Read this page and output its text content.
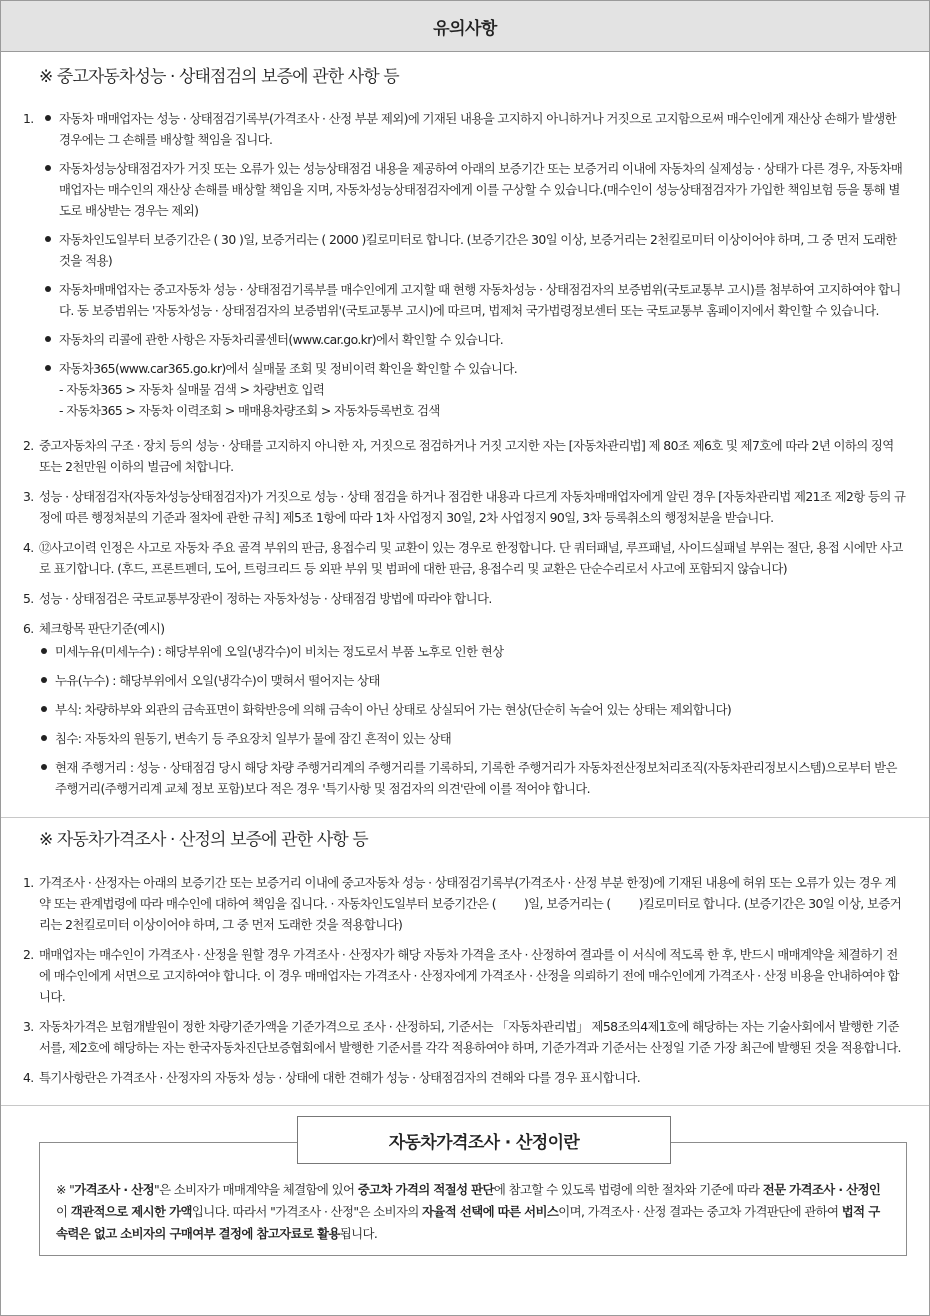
유의사항
※ 중고자동차성능 · 상태점검의 보증에 관한 사항 등
1.	자동차 매매업자는 성능 · 상태점검기록부(가격조사 · 산정 부분 제외)에 기재된 내용을 고지하지 아니하거나 거짓으로 고지함으로써 매수인에게 재산상 손해가 발생한 경우에는 그 손해를 배상할 책임을 집니다.
자동차성능상태점검자가 거짓 또는 오류가 있는 성능상태점검 내용을 제공하여 아래의 보증기간 또는 보증거리 이내에 자동차의 실제성능 · 상태가 다른 경우, 자동차매매업자는 매수인의 재산상 손해를 배상할 책임을 지며, 자동차성능상태점검자에게 이를 구상할 수 있습니다.(매수인이 성능상태점검자가 가입한 책임보험 등을 통해 별도로 배상받는 경우는 제외)
자동차인도일부터 보증기간은 ( 30 )일, 보증거리는 ( 2000 )킬로미터로 합니다. (보증기간은 30일 이상, 보증거리는 2천킬로미터 이상이어야 하며, 그 중 먼저 도래한 것을 적용)
자동차매매업자는 중고자동차 성능 · 상태점검기록부를 매수인에게 고지할 때 현행 자동차성능 · 상태점검자의 보증범위(국토교통부 고시)를 첨부하여 고지하여야 합니다. 동 보증범위는 '자동차성능 · 상태점검자의 보증범위'(국토교통부 고시)에 따르며, 법제처 국가법령정보센터 또는 국토교통부 홈페이지에서 확인할 수 있습니다.
자동차의 리콜에 관한 사항은 자동차리콜센터(www.car.go.kr)에서 확인할 수 있습니다.
자동차365(www.car365.go.kr)에서 실매물 조회 및 정비이력 확인을 확인할 수 있습니다.
- 자동차365 > 자동차 실매물 검색 > 차량번호 입력
- 자동차365 > 자동차 이력조회 > 매매용차량조회 > 자동차등록번호 검색
2. 중고자동차의 구조 · 장치 등의 성능 · 상태를 고지하지 아니한 자, 거짓으로 점검하거나 거짓 고지한 자는 [자동차관리법] 제 80조 제6호 및 제7호에 따라 2년 이하의 징역 또는 2천만원 이하의 벌금에 처합니다.
3. 성능 · 상태점검자(자동차성능상태점검자)가 거짓으로 성능 · 상태 점검을 하거나 점검한 내용과 다르게 자동차매매업자에게 알린 경우 [자동차관리법 제21조 제2항 등의 규정에 따른 행정처분의 기준과 절차에 관한 규칙] 제5조 1항에 따라 1차 사업정지 30일, 2차 사업정지 90일, 3차 등록취소의 행정처분을 받습니다.
4. ⑫사고이력 인정은 사고로 자동차 주요 골격 부위의 판금, 용접수리 및 교환이 있는 경우로 한정합니다. 단 쿼터패널, 루프패널, 사이드실패널 부위는 절단, 용접 시에만 사고로 표기합니다. (후드, 프론트펜더, 도어, 트렁크리드 등 외판 부위 및 범퍼에 대한 판금, 용접수리 및 교환은 단순수리로서 사고에 포함되지 않습니다)
5. 성능 · 상태점검은 국토교통부장관이 정하는 자동차성능 · 상태점검 방법에 따라야 합니다.
6. 체크항목 판단기준(예시)
미세누유(미세누수) : 해당부위에 오일(냉각수)이 비치는 정도로서 부품 노후로 인한 현상
누유(누수) : 해당부위에서 오일(냉각수)이 맺혀서 떨어지는 상태
부식: 차량하부와 외관의 금속표면이 화학반응에 의해 금속이 아닌 상태로 상실되어 가는 현상(단순히 녹슬어 있는 상태는 제외합니다)
침수: 자동차의 원동기, 변속기 등 주요장치 일부가 물에 잠긴 흔적이 있는 상태
현재 주행거리 : 성능 · 상태점검 당시 해당 차량 주행거리계의 주행거리를 기록하되, 기록한 주행거리가 자동차전산정보처리조직(자동차관리정보시스템)으로부터 받은 주행거리(주행거리계 교체 정보 포함)보다 적은 경우 '특기사항 및 점검자의 의견'란에 이를 적어야 합니다.
※ 자동차가격조사 · 산정의 보증에 관한 사항 등
1. 가격조사 · 산정자는 아래의 보증기간 또는 보증거리 이내에 중고자동차 성능 · 상태점검기록부(가격조사 · 산정 부분 한정)에 기재된 내용에 허위 또는 오류가 있는 경우 계약 또는 관계법령에 따라 매수인에 대하여 책임을 집니다. · 자동차인도일부터 보증기간은 ( )일, 보증거리는 ( )킬로미터로 합니다. (보증기간은 30일 이상, 보증거리는 2천킬로미터 이상이어야 하며, 그 중 먼저 도래한 것을 적용합니다)
2. 매매업자는 매수인이 가격조사 · 산정을 원할 경우 가격조사 · 산정자가 해당 자동차 가격을 조사 · 산정하여 결과를 이 서식에 적도록 한 후, 반드시 매매계약을 체결하기 전에 매수인에게 서면으로 고지하여야 합니다. 이 경우 매매업자는 가격조사 · 산정자에게 가격조사 · 산정을 의뢰하기 전에 매수인에게 가격조사 · 산정 비용을 안내하여야 합니다.
3. 자동차가격은 보험개발원이 정한 차량기준가액을 기준가격으로 조사 · 산정하되, 기준서는 「자동차관리법」 제58조의4제1호에 해당하는 자는 기술사회에서 발행한 기준서를, 제2호에 해당하는 자는 한국자동차진단보증협회에서 발행한 기준서를 각각 적용하여야 하며, 기준가격과 기준서는 산정일 기준 가장 최근에 발행된 것을 적용합니다.
4. 특기사항란은 가격조사 · 산정자의 자동차 성능 · 상태에 대한 견해가 성능 · 상태점검자의 견해와 다를 경우 표시합니다.
자동차가격조사 · 산정이란
※ "가격조사 · 산정"은 소비자가 매매계약을 체결함에 있어 중고차 가격의 적절성 판단에 참고할 수 있도록 법령에 의한 절차와 기준에 따라 전문 가격조사 · 산정인이 객관적으로 제시한 가액입니다. 따라서 "가격조사 · 산정"은 소비자의 자율적 선택에 따른 서비스이며, 가격조사 · 산정 결과는 중고차 가격판단에 관하여 법적 구속력은 없고 소비자의 구매여부 결정에 참고자료로 활용됩니다.
